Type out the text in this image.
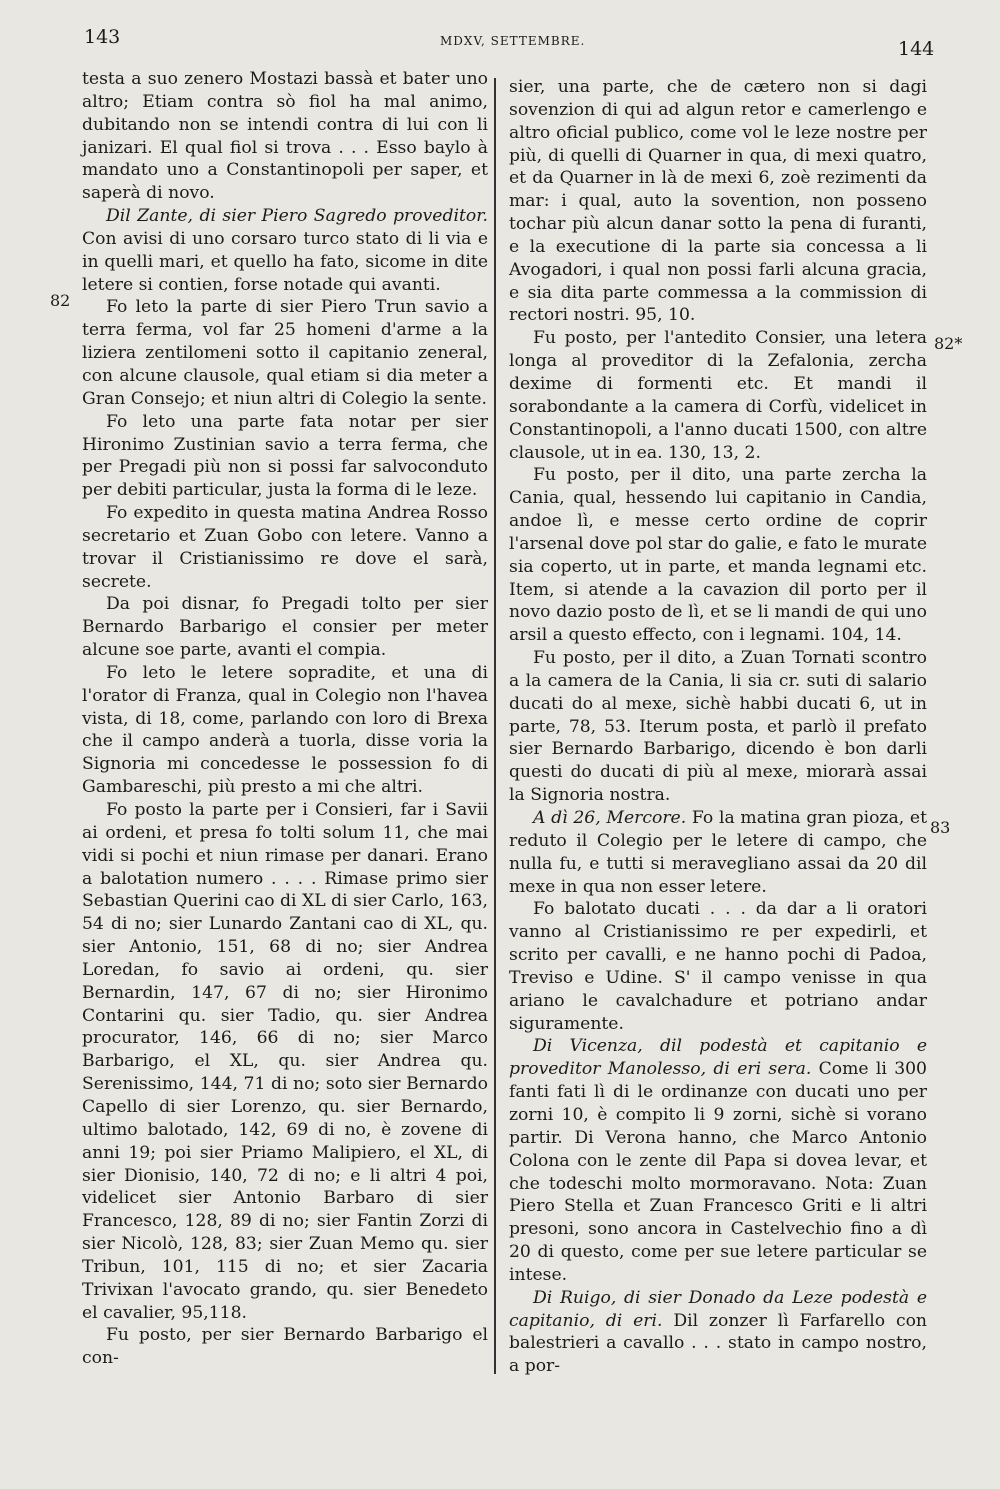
143	MDXV, SETTEMBRE.	144
82
82*
83

testa a suo zenero Mostazi bassà et bater uno altro; Etiam contra sò fiol ha mal animo, dubitando non se intendi contra di lui con li janizari. El qual fiol si trova . . . Esso baylo à mandato uno a Constantinopoli per saper, et saperà di novo.

Dil Zante, di sier Piero Sagredo proveditor. Con avisi di uno corsaro turco stato di li via e in quelli mari, et quello ha fato, sicome in dite letere si contien, forse notade qui avanti.

Fo leto la parte di sier Piero Trun savio a terra ferma, vol far 25 homeni d'arme a la liziera zentilomeni sotto il capitanio zeneral, con alcune clausole, qual etiam si dia meter a Gran Consejo; et niun altri di Colegio la sente.

Fo leto una parte fata notar per sier Hironimo Zustinian savio a terra ferma, che per Pregadi più non si possi far salvoconduto per debiti particular, justa la forma di le leze.

Fo expedito in questa matina Andrea Rosso secretario et Zuan Gobo con letere. Vanno a trovar il Cristianissimo re dove el sarà, secrete.

Da poi disnar, fo Pregadi tolto per sier Bernardo Barbarigo el consier per meter alcune soe parte, avanti el compia.

Fo leto le letere sopradite, et una di l'orator di Franza, qual in Colegio non l'havea vista, di 18, come, parlando con loro di Brexa che il campo anderà a tuorla, disse voria la Signoria mi concedesse le possession fo di Gambareschi, più presto a mi che altri.

Fo posto la parte per i Consieri, far i Savii ai ordeni, et presa fo tolti solum 11, che mai vidi si pochi et niun rimase per danari. Erano a balotation numero . . . . Rimase primo sier Sebastian Querini cao di XL di sier Carlo, 163, 54 di no; sier Lunardo Zantani cao di XL, qu. sier Antonio, 151, 68 di no; sier Andrea Loredan, fo savio ai ordeni, qu. sier Bernardin, 147, 67 di no; sier Hironimo Contarini qu. sier Tadio, qu. sier Andrea procurator, 146, 66 di no; sier Marco Barbarigo, el XL, qu. sier Andrea qu. Serenissimo, 144, 71 di no; soto sier Bernardo Capello di sier Lorenzo, qu. sier Bernardo, ultimo balotado, 142, 69 di no, è zovene di anni 19; poi sier Priamo Malipiero, el XL, di sier Dionisio, 140, 72 di no; e li altri 4 poi, videlicet sier Antonio Barbaro di sier Francesco, 128, 89 di no; sier Fantin Zorzi di sier Nicolò, 128, 83; sier Zuan Memo qu. sier Tribun, 101, 115 di no; et sier Zacaria Trivixan l'avocato grando, qu. sier Benedeto el cavalier, 95,118.

Fu posto, per sier Bernardo Barbarigo el con-

sier, una parte, che de cætero non si dagi sovenzion di qui ad algun retor e camerlengo e altro oficial publico, come vol le leze nostre per più, di quelli di Quarner in qua, di mexi quatro, et da Quarner in là de mexi 6, zoè rezimenti da mar: i qual, auto la sovention, non posseno tochar più alcun danar sotto la pena di furanti, e la executione di la parte sia concessa a li Avogadori, i qual non possi farli alcuna gracia, e sia dita parte commessa a la commission di rectori nostri. 95, 10.

Fu posto, per l'antedito Consier, una letera longa al proveditor di la Zefalonia, zercha dexime di formenti etc. Et mandi il sorabondante a la camera di Corfù, videlicet in Constantinopoli, a l'anno ducati 1500, con altre clausole, ut in ea. 130, 13, 2.

Fu posto, per il dito, una parte zercha la Cania, qual, hessendo lui capitanio in Candia, andoe lì, e messe certo ordine de coprir l'arsenal dove pol star do galie, e fato le murate sia coperto, ut in parte, et manda legnami etc. Item, si atende a la cavazion dil porto per il novo dazio posto de lì, et se li mandi de qui uno arsil a questo effecto, con i legnami. 104, 14.

Fu posto, per il dito, a Zuan Tornati scontro a la camera de la Cania, li sia cr. suti di salario ducati do al mexe, sichè habbi ducati 6, ut in parte, 78, 53. Iterum posta, et parlò il prefato sier Bernardo Barbarigo, dicendo è bon darli questi do ducati di più al mexe, miorarà assai la Signoria nostra.

A dì 26, Mercore. Fo la matina gran pioza, et reduto il Colegio per le letere di campo, che nulla fu, e tutti si meravegliano assai da 20 dil mexe in qua non esser letere.

Fo balotato ducati . . . da dar a li oratori vanno al Cristianissimo re per expedirli, et scrito per cavalli, e ne hanno pochi di Padoa, Treviso e Udine. S' il campo venisse in qua ariano le cavalchadure et potriano andar siguramente.

Di Vicenza, dil podestà et capitanio e proveditor Manolesso, di eri sera. Come li 300 fanti fati lì di le ordinanze con ducati uno per zorni 10, è compito li 9 zorni, sichè si vorano partir. Di Verona hanno, che Marco Antonio Colona con le zente dil Papa si dovea levar, et che todeschi molto mormoravano. Nota: Zuan Piero Stella et Zuan Francesco Griti e li altri presoni, sono ancora in Castelvechio fino a dì 20 di questo, come per sue letere particular se intese.

Di Ruigo, di sier Donado da Leze podestà e capitanio, di eri. Dil zonzer lì Farfarello con balestrieri a cavallo . . . stato in campo nostro, a por-
